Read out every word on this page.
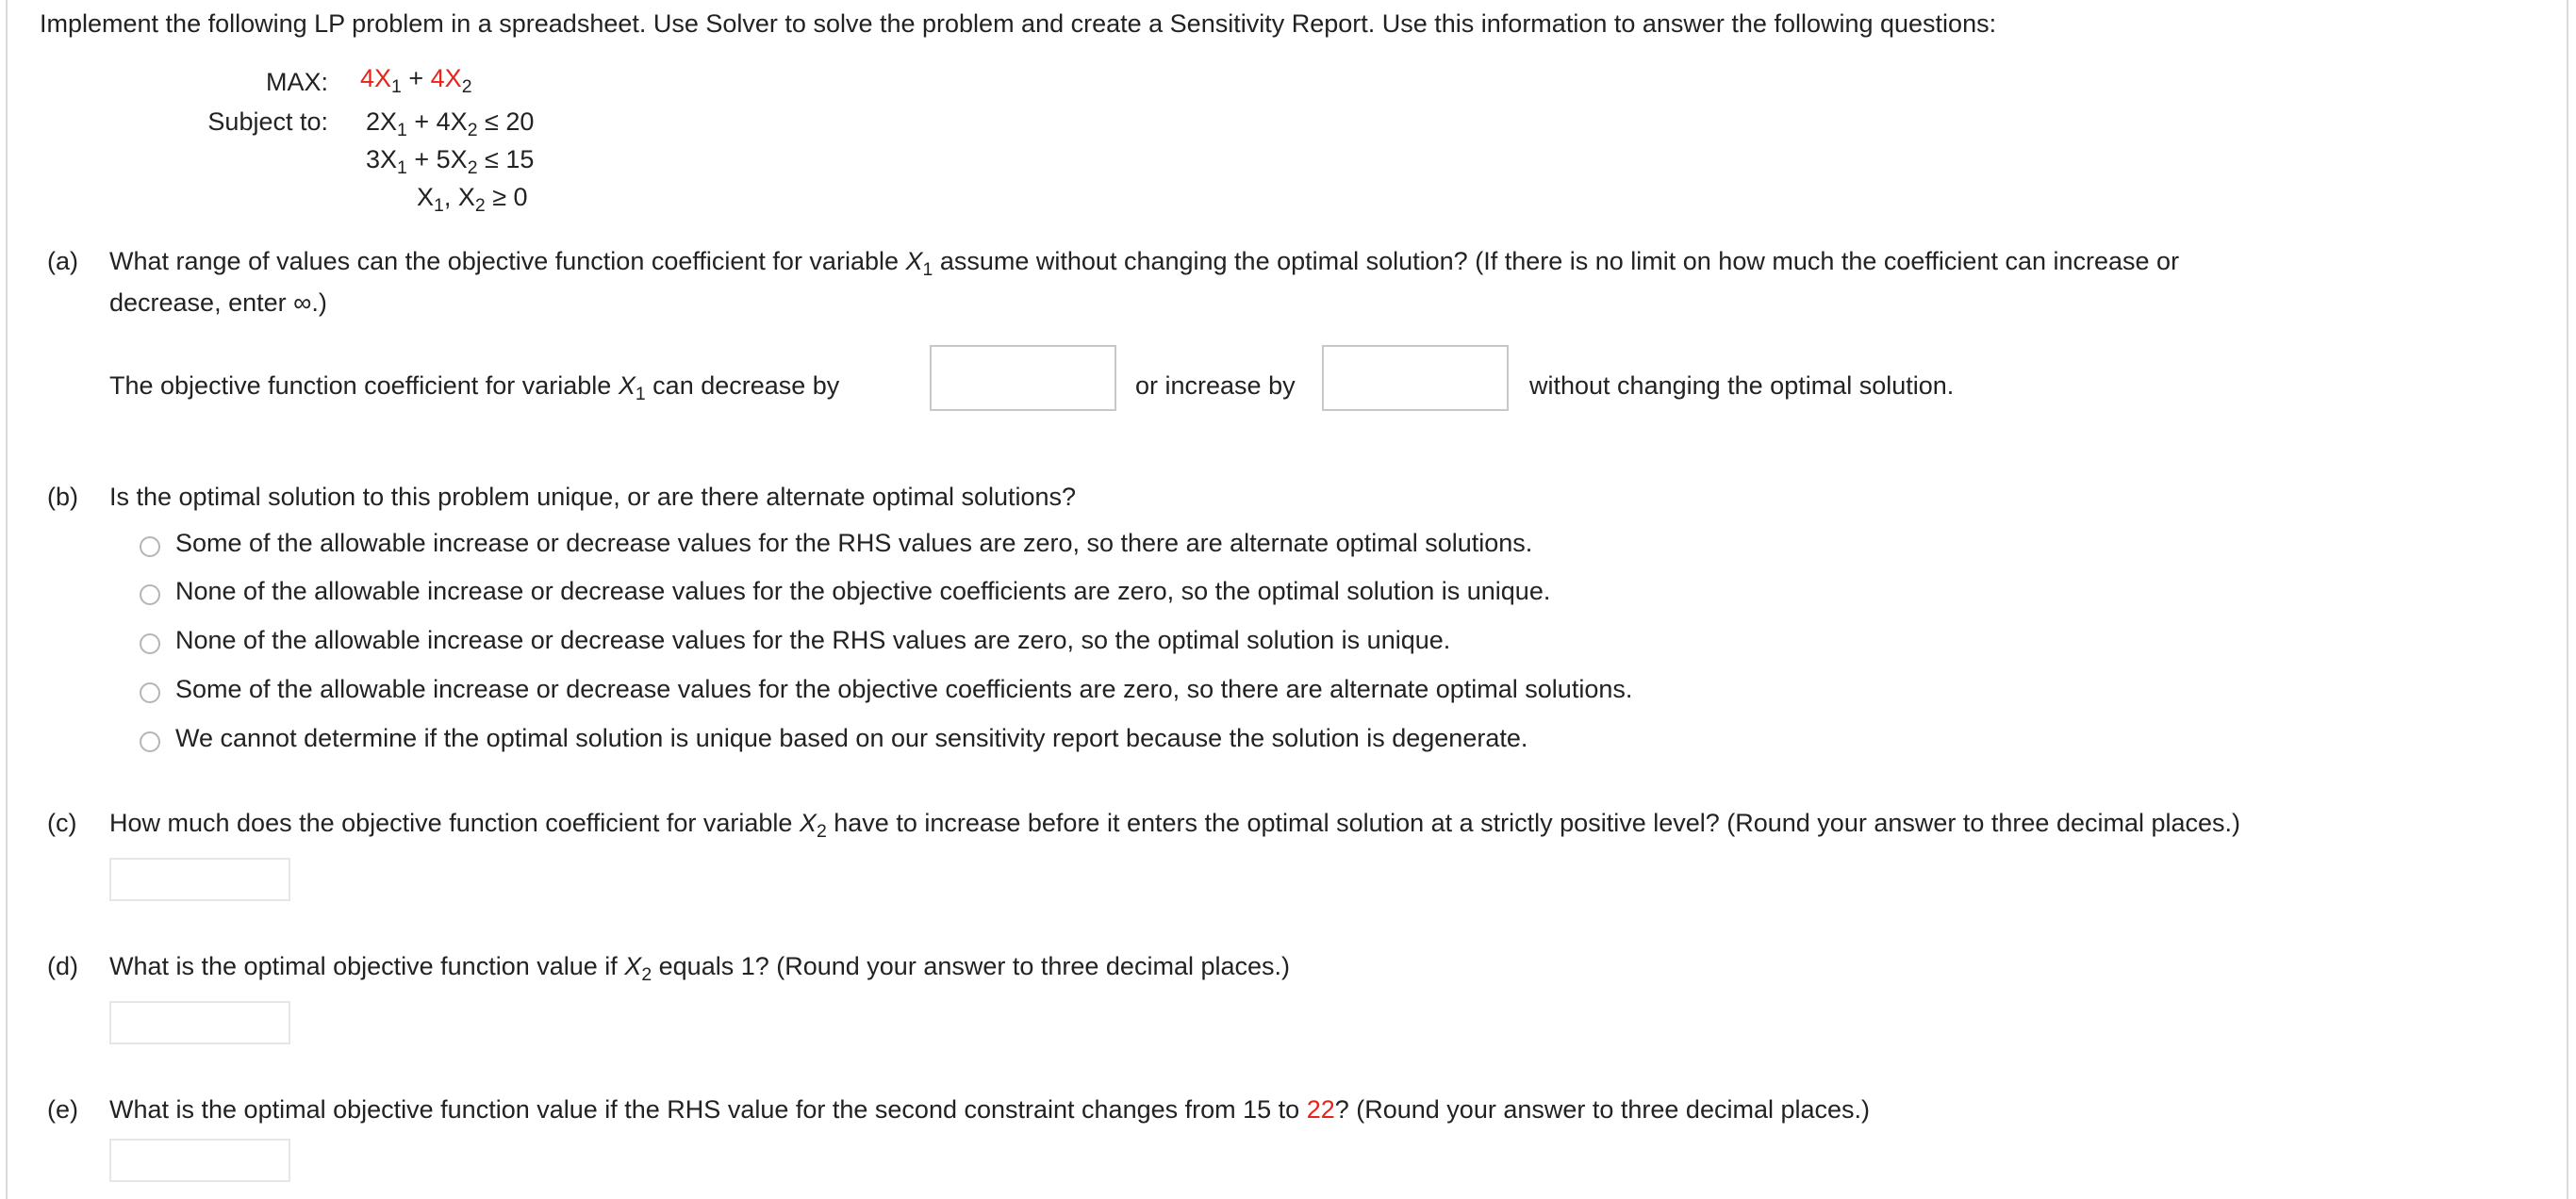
Implement the following LP problem in a spreadsheet. Use Solver to solve the problem and create a Sensitivity Report. Use this information to answer the following questions:
MAX: $4X_1 + 4X_2$
Subject to: $2X_1 + 4X_2 \le 20$
$3X_1 + 5X_2 \le 15$
$X_1$, $X_2 \ge 0$
(a) What range of values can the objective function coefficient for variable $X_1$ assume without changing the optimal solution? (If there is no limit on how much the coefficient can increase or
decrease, enter ∞.)
The objective function coefficient for variable $X_1$ can decrease by	or increase by	without changing the optimal solution.
(b) Is the optimal solution to this problem unique, or are there alternate optimal solutions?
Some of the allowable increase or decrease values for the RHS values are zero, so there are alternate optimal solutions.
None of the allowable increase or decrease values for the objective coefficients are zero, so the optimal solution is unique.
None of the allowable increase or decrease values for the RHS values are zero, so the optimal solution is unique.
Some of the allowable increase or decrease values for the objective coefficients are zero, so there are alternate optimal solutions.
We cannot determine if the optimal solution is unique based on our sensitivity report because the solution is degenerate.
(c) How much does the objective function coefficient for variable $X_2$ have to increase before it enters the optimal solution at a strictly positive level? (Round your answer to three decimal places.)
(d) What is the optimal objective function value if $X_2$ equals 1? (Round your answer to three decimal places.)
(e) What is the optimal objective function value if the RHS value for the second constraint changes from 15 to 22? (Round your answer to three decimal places.)
